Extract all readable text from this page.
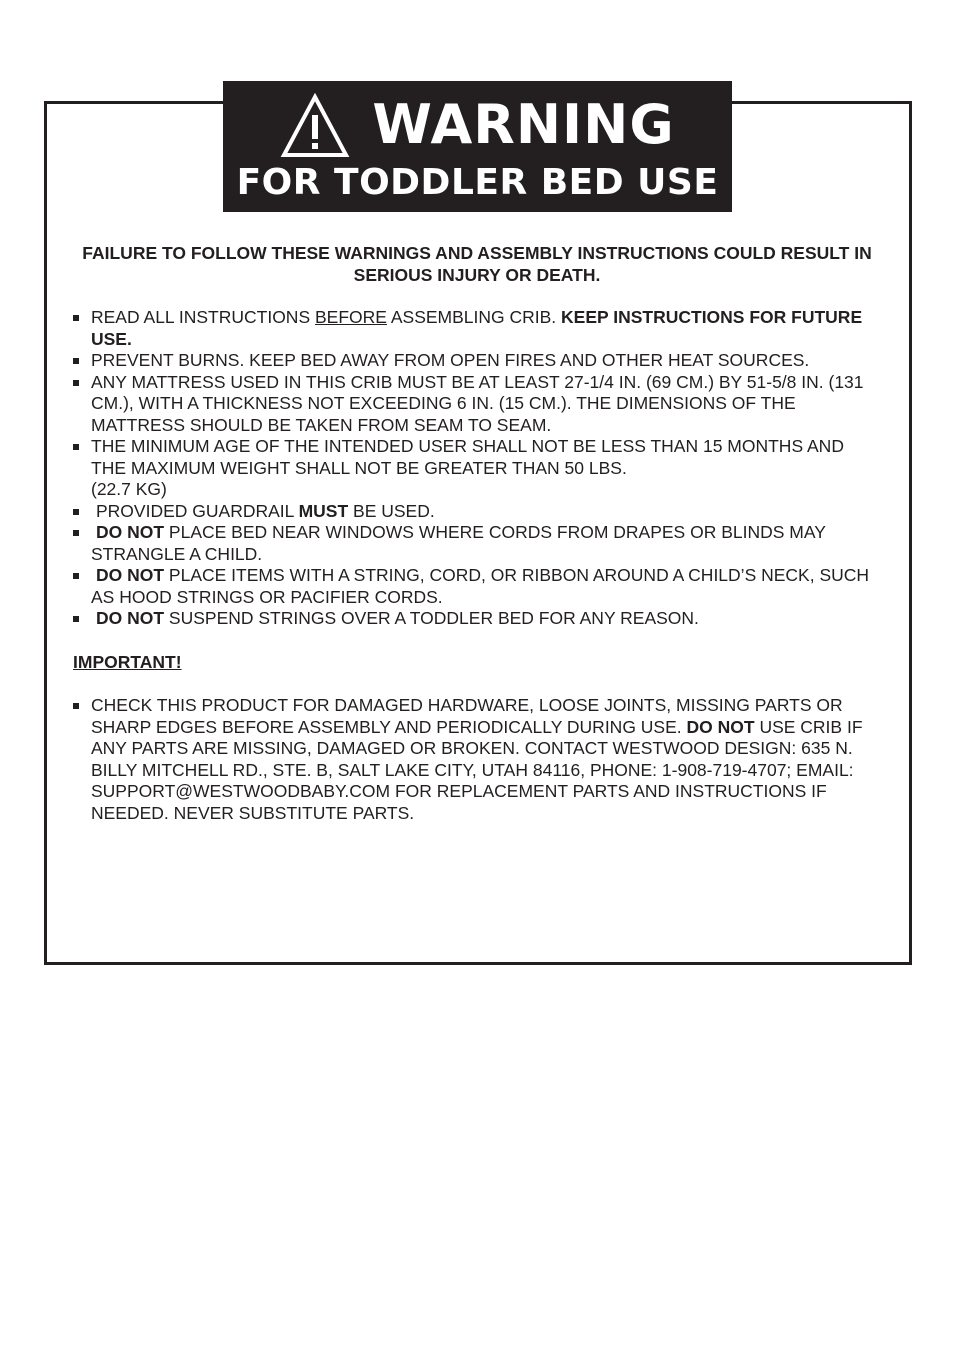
WARNING
FOR TODDLER BED USE
FAILURE TO FOLLOW THESE WARNINGS AND ASSEMBLY INSTRUCTIONS COULD RESULT IN SERIOUS INJURY OR DEATH.
READ ALL INSTRUCTIONS BEFORE ASSEMBLING CRIB. KEEP INSTRUCTIONS FOR FUTURE USE.
PREVENT BURNS. KEEP BED AWAY FROM OPEN FIRES AND OTHER HEAT SOURCES.
ANY MATTRESS USED IN THIS CRIB MUST BE AT LEAST 27-1/4 IN. (69 CM.) BY 51-5/8 IN. (131 CM.), WITH A THICKNESS NOT EXCEEDING 6 IN. (15 CM.). THE DIMENSIONS OF THE MATTRESS SHOULD BE TAKEN FROM SEAM TO SEAM.
THE MINIMUM AGE OF THE INTENDED USER SHALL NOT BE LESS THAN 15 MONTHS AND THE MAXIMUM WEIGHT SHALL NOT BE GREATER THAN 50 LBS.
(22.7 KG)
PROVIDED GUARDRAIL MUST BE USED.
DO NOT PLACE BED NEAR WINDOWS WHERE CORDS FROM DRAPES OR BLINDS MAY STRANGLE A CHILD.
DO NOT PLACE ITEMS WITH A STRING, CORD, OR RIBBON AROUND A CHILD’S NECK, SUCH AS HOOD STRINGS OR PACIFIER CORDS.
DO NOT SUSPEND STRINGS OVER A TODDLER BED FOR ANY REASON.
IMPORTANT!
CHECK THIS PRODUCT FOR DAMAGED HARDWARE, LOOSE JOINTS, MISSING PARTS OR SHARP EDGES BEFORE ASSEMBLY AND PERIODICALLY DURING USE. DO NOT USE CRIB IF ANY PARTS ARE MISSING, DAMAGED OR BROKEN. CONTACT WESTWOOD DESIGN: 635 N. BILLY MITCHELL RD., STE. B, SALT LAKE CITY, UTAH 84116, PHONE: 1-908-719-4707; EMAIL: SUPPORT@WESTWOODBABY.COM FOR REPLACEMENT PARTS AND INSTRUCTIONS IF NEEDED. NEVER SUBSTITUTE PARTS.
